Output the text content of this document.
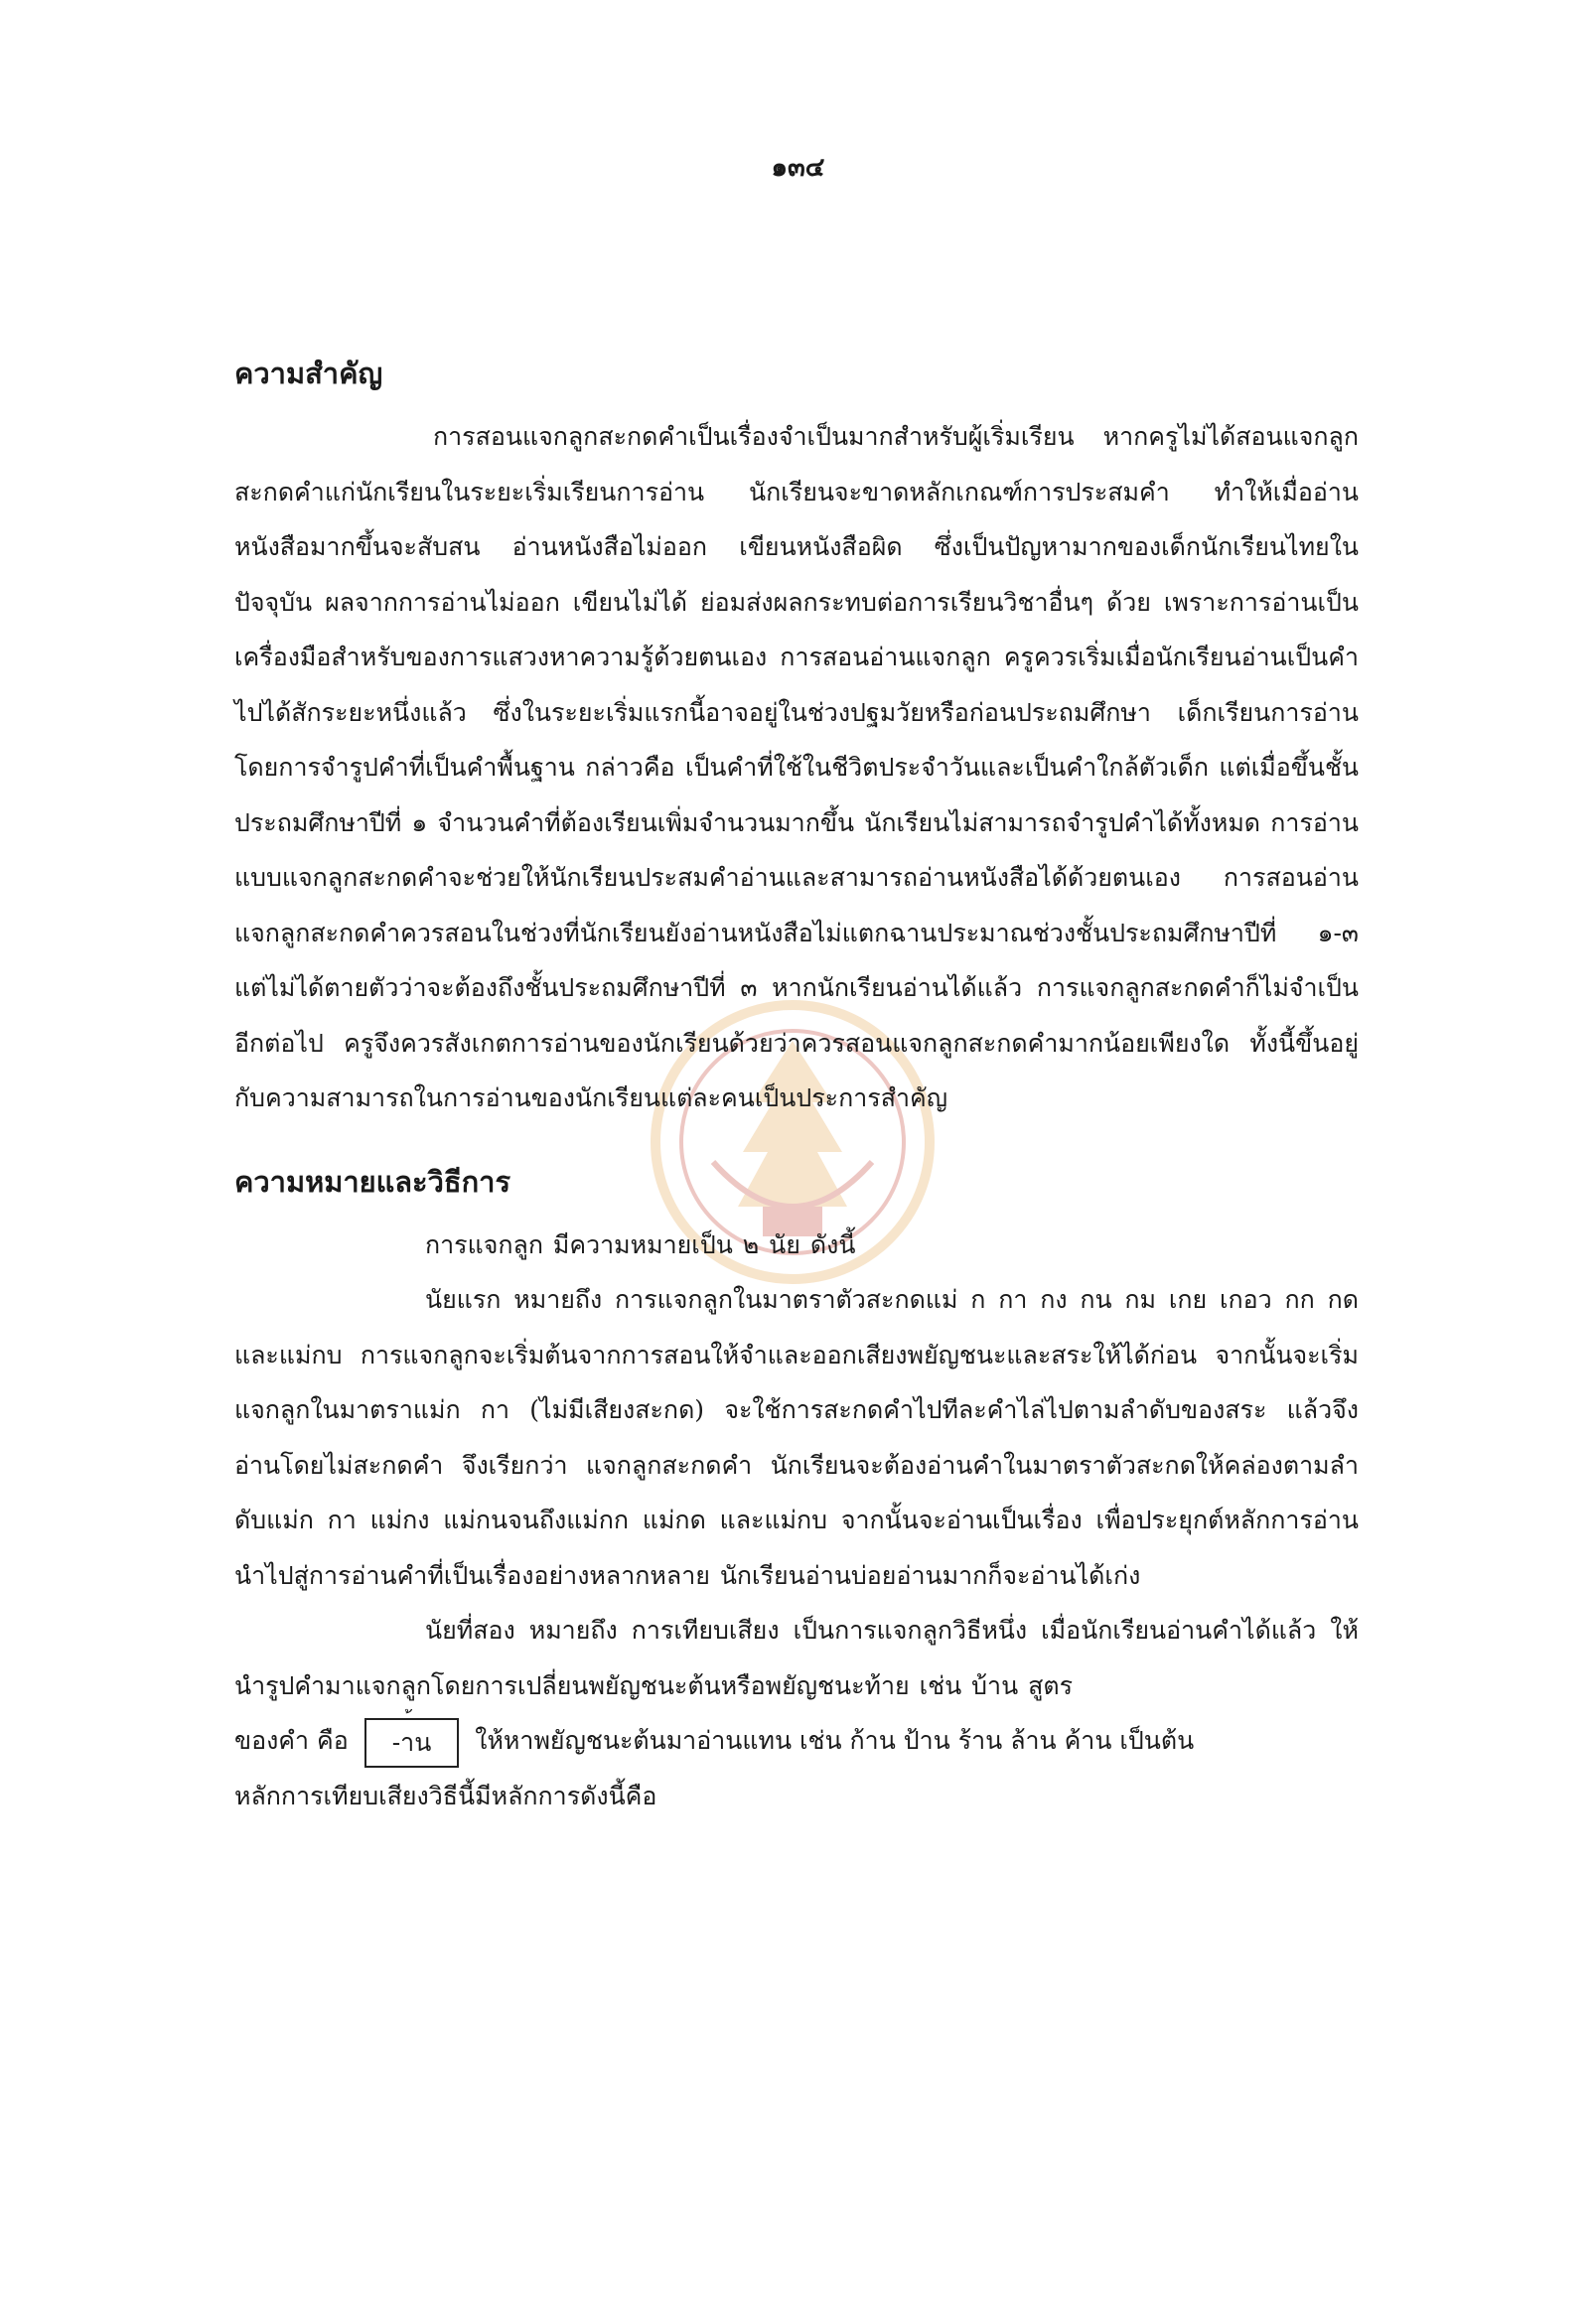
๑๓๔
ความสำคัญ

การสอนแจกลูกสะกดคำเป็นเรื่องจำเป็นมากสำหรับผู้เริ่มเรียน หากครูไม่ได้สอนแจกลูกสะกดคำแก่นักเรียนในระยะเริ่มเรียนการอ่าน นักเรียนจะขาดหลักเกณฑ์การประสมคำ ทำให้เมื่ออ่านหนังสือมากขึ้นจะสับสน อ่านหนังสือไม่ออก เขียนหนังสือผิด ซึ่งเป็นปัญหามากของเด็กนักเรียนไทยในปัจจุบัน ผลจากการอ่านไม่ออก เขียนไม่ได้ ย่อมส่งผลกระทบต่อการเรียนวิชาอื่นๆ ด้วย เพราะการอ่านเป็นเครื่องมือสำหรับของการแสวงหาความรู้ด้วยตนเอง การสอนอ่านแจกลูก ครูควรเริ่มเมื่อนักเรียนอ่านเป็นคำไปได้สักระยะหนึ่งแล้ว ซึ่งในระยะเริ่มแรกนี้อาจอยู่ในช่วงปฐมวัยหรือก่อนประถมศึกษา เด็กเรียนการอ่านโดยการจำรูปคำที่เป็นคำพื้นฐาน กล่าวคือ เป็นคำที่ใช้ในชีวิตประจำวันและเป็นคำใกล้ตัวเด็ก แต่เมื่อขึ้นชั้นประถมศึกษาปีที่ ๑ จำนวนคำที่ต้องเรียนเพิ่มจำนวนมากขึ้น นักเรียนไม่สามารถจำรูปคำได้ทั้งหมด การอ่านแบบแจกลูกสะกดคำจะช่วยให้นักเรียนประสมคำอ่านและสามารถอ่านหนังสือได้ด้วยตนเอง การสอนอ่านแจกลูกสะกดคำควรสอนในช่วงที่นักเรียนยังอ่านหนังสือไม่แตกฉานประมาณช่วงชั้นประถมศึกษาปีที่ ๑-๓ แต่ไม่ได้ตายตัวว่าจะต้องถึงชั้นประถมศึกษาปีที่ ๓ หากนักเรียนอ่านได้แล้ว การแจกลูกสะกดคำก็ไม่จำเป็นอีกต่อไป ครูจึงควรสังเกตการอ่านของนักเรียนด้วยว่าควรสอนแจกลูกสะกดคำมากน้อยเพียงใด ทั้งนี้ขึ้นอยู่กับความสามารถในการอ่านของนักเรียนแต่ละคนเป็นประการสำคัญ

ความหมายและวิธีการ

การแจกลูก มีความหมายเป็น ๒ นัย ดังนี้

นัยแรก หมายถึง การแจกลูกในมาตราตัวสะกดแม่ ก กา กง กน กม เกย เกอว กก กด และแม่กบ การแจกลูกจะเริ่มต้นจากการสอนให้จำและออกเสียงพยัญชนะและสระให้ได้ก่อน จากนั้นจะเริ่มแจกลูกในมาตราแม่ก กา (ไม่มีเสียงสะกด) จะใช้การสะกดคำไปทีละคำไล่ไปตามลำดับของสระ แล้วจึงอ่านโดยไม่สะกดคำ จึงเรียกว่า แจกลูกสะกดคำ นักเรียนจะต้องอ่านคำในมาตราตัวสะกดให้คล่องตามลำดับแม่ก กา แม่กง แม่กนจนถึงแม่กก แม่กด และแม่กบ จากนั้นจะอ่านเป็นเรื่อง เพื่อประยุกต์หลักการอ่านนำไปสู่การอ่านคำที่เป็นเรื่องอย่างหลากหลาย นักเรียนอ่านบ่อยอ่านมากก็จะอ่านได้เก่ง

นัยที่สอง หมายถึง การเทียบเสียง เป็นการแจกลูกวิธีหนึ่ง เมื่อนักเรียนอ่านคำได้แล้ว ให้นำรูปคำมาแจกลูกโดยการเปลี่ยนพยัญชนะต้นหรือพยัญชนะท้าย เช่น บ้าน สูตร

ของคำ คือ -าน ให้หาพยัญชนะต้นมาอ่านแทน เช่น ก้าน ป้าน ร้าน ล้าน ค้าน เป็นต้น

หลักการเทียบเสียงวิธีนี้มีหลักการดังนี้คือ
